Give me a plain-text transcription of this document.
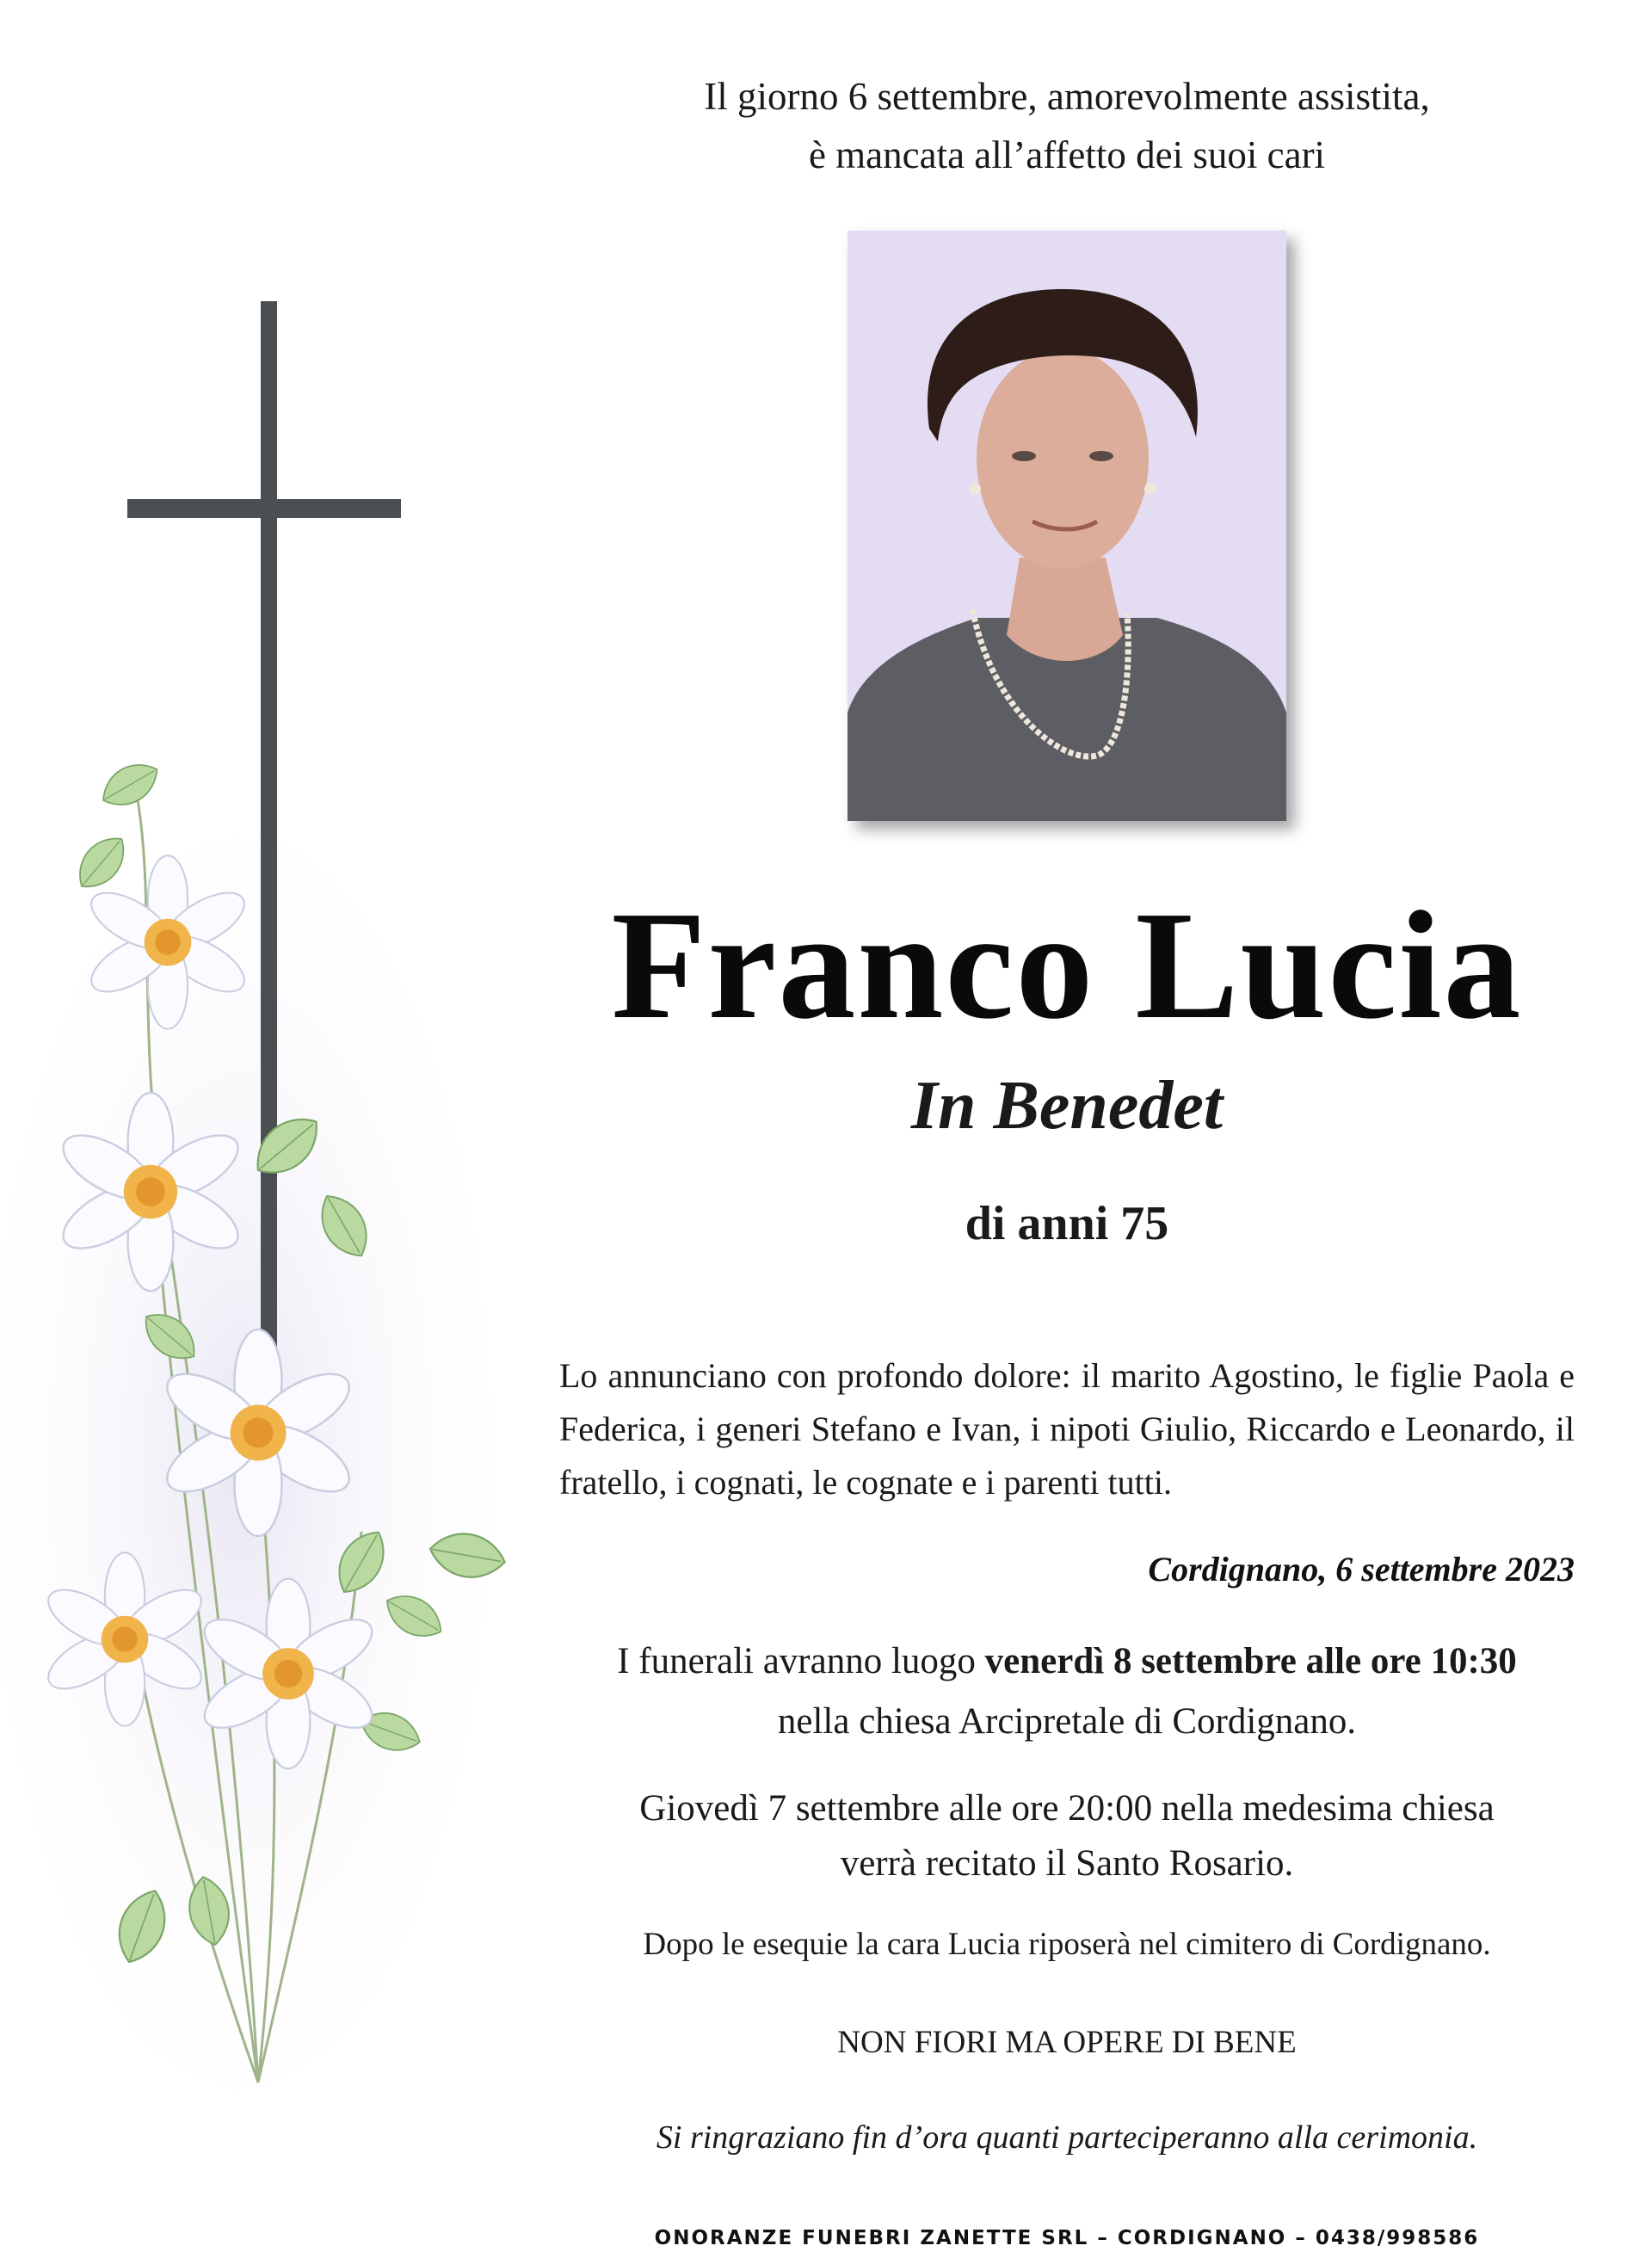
Il giorno 6 settembre, amorevolmente assistita,
è mancata all’affetto dei suoi cari
Franco Lucia
In Benedet
di anni 75
Lo annunciano con profondo dolore: il marito Agostino, le figlie Paola e Federica, i generi Stefano e Ivan, i nipoti Giulio, Riccardo e Leonardo, il fratello, i cognati, le cognate e i parenti tutti.
Cordignano, 6 settembre 2023
I funerali avranno luogo venerdì 8 settembre alle ore 10:30
nella chiesa Arcipretale di Cordignano.
Giovedì 7 settembre alle ore 20:00 nella medesima chiesa
verrà recitato il Santo Rosario.
Dopo le esequie la cara Lucia riposerà nel cimitero di Cordignano.
NON FIORI MA OPERE DI BENE
Si ringraziano fin d’ora quanti parteciperanno alla cerimonia.
ONORANZE FUNEBRI ZANETTE SRL – CORDIGNANO – 0438/998586
